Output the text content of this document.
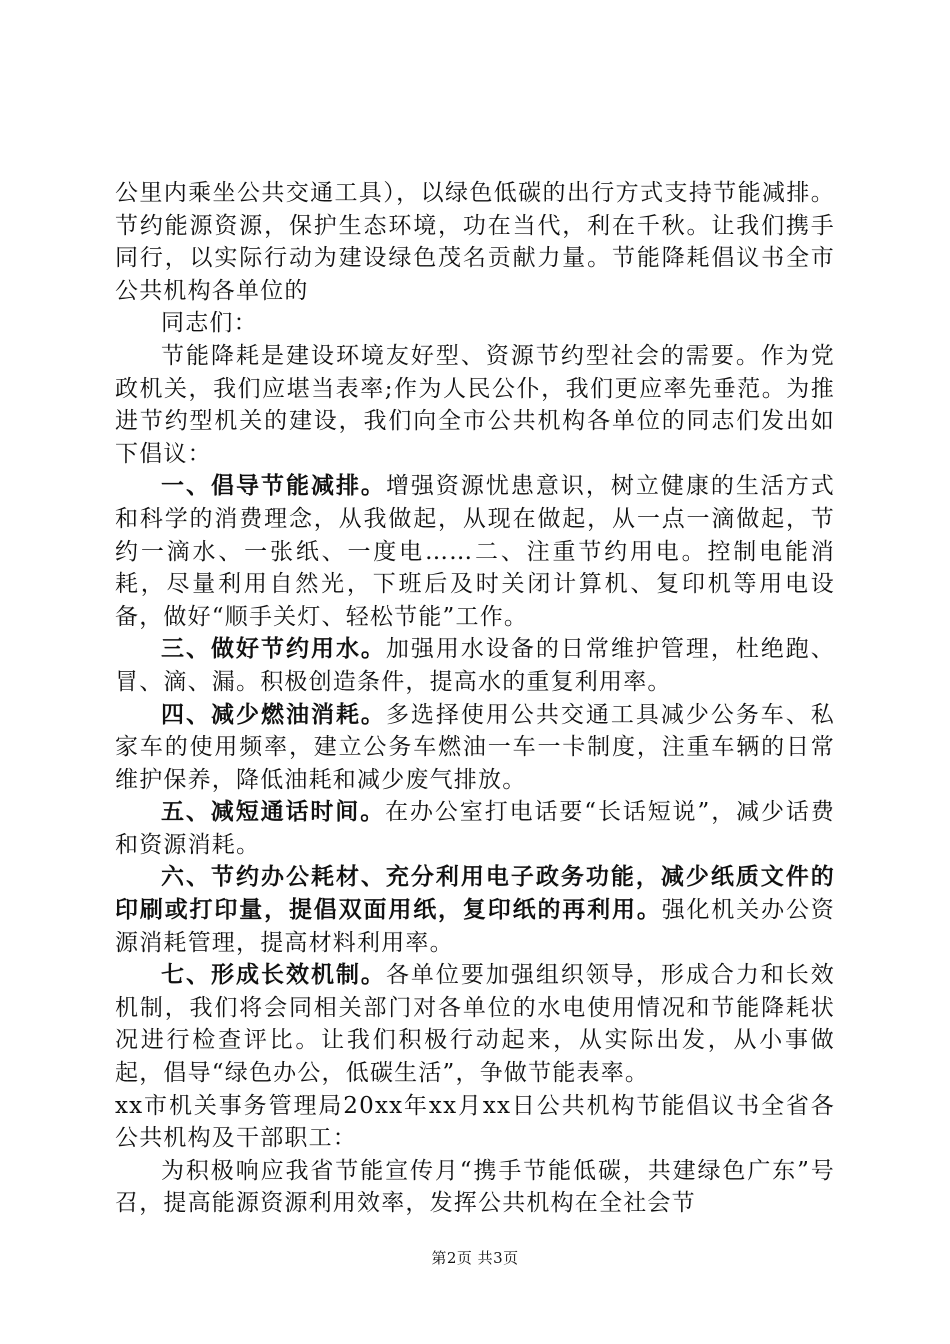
公里内乘坐公共交通工具），以绿色低碳的出行方式支持节能减排。节约能源资源，保护生态环境，功在当代，利在千秋。让我们携手同行，以实际行动为建设绿色茂名贡献力量。节能降耗倡议书全市公共机构各单位的

同志们：

节能降耗是建设环境友好型、资源节约型社会的需要。作为党政机关，我们应堪当表率;作为人民公仆，我们更应率先垂范。为推进节约型机关的建设，我们向全市公共机构各单位的同志们发出如下倡议：

一、倡导节能减排。增强资源忧患意识，树立健康的生活方式和科学的消费理念，从我做起，从现在做起，从一点一滴做起，节约一滴水、一张纸、一度电……二、注重节约用电。控制电能消耗，尽量利用自然光，下班后及时关闭计算机、复印机等用电设备，做好“顺手关灯、轻松节能”工作。

三、做好节约用水。加强用水设备的日常维护管理，杜绝跑、冒、滴、漏。积极创造条件，提高水的重复利用率。

四、减少燃油消耗。多选择使用公共交通工具减少公务车、私家车的使用频率，建立公务车燃油一车一卡制度，注重车辆的日常维护保养，降低油耗和减少废气排放。

五、减短通话时间。在办公室打电话要“长话短说”，减少话费和资源消耗。

六、节约办公耗材、充分利用电子政务功能，减少纸质文件的印刷或打印量，提倡双面用纸，复印纸的再利用。强化机关办公资源消耗管理，提高材料利用率。

七、形成长效机制。各单位要加强组织领导，形成合力和长效机制，我们将会同相关部门对各单位的水电使用情况和节能降耗状况进行检查评比。让我们积极行动起来，从实际出发，从小事做起，倡导“绿色办公，低碳生活”，争做节能表率。

xx市机关事务管理局20xx年xx月xx日公共机构节能倡议书全省各公共机构及干部职工：

为积极响应我省节能宣传月“携手节能低碳，共建绿色广东”号召，提高能源资源利用效率，发挥公共机构在全社会节

第2页 共3页
